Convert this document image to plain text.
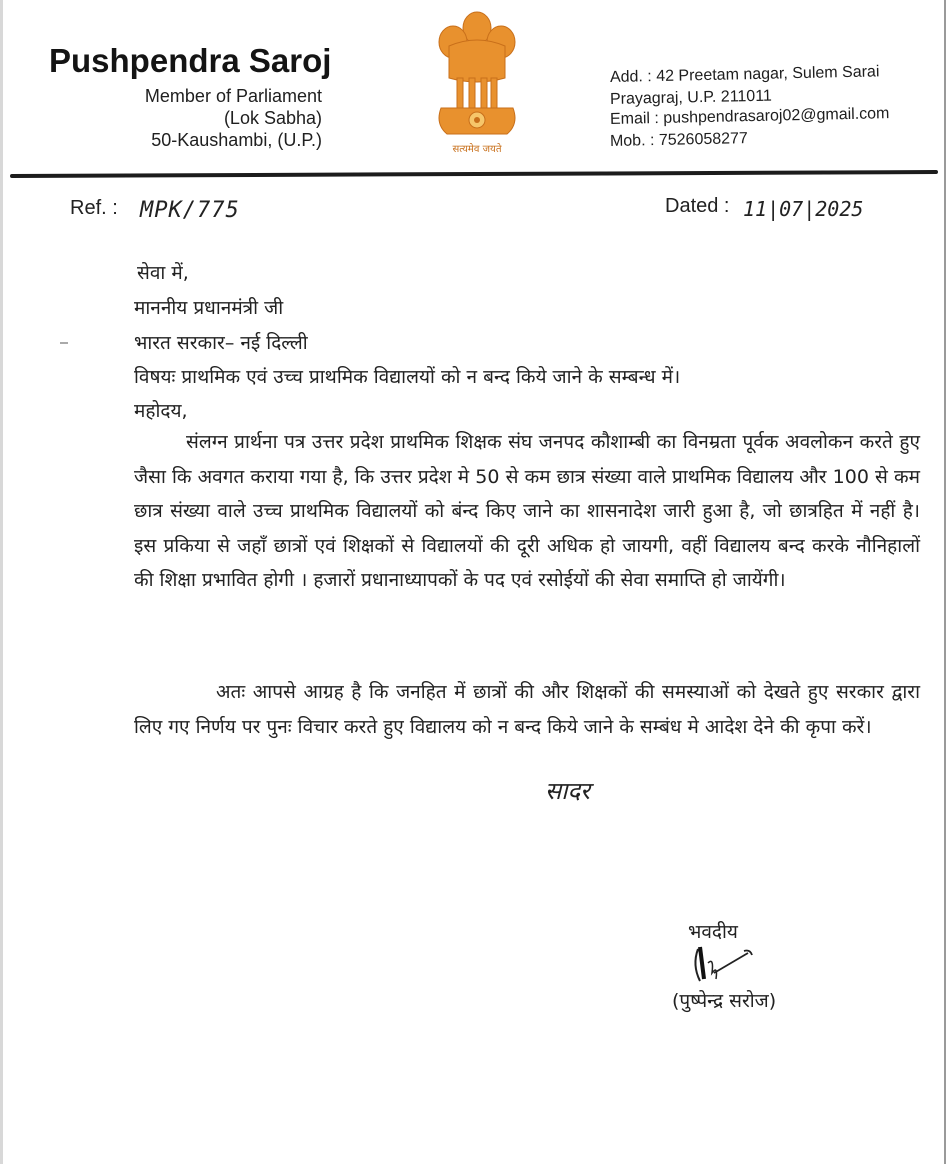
Pushpendra Saroj
Member of Parliament
(Lok Sabha)
50-Kaushambi, (U.P.)	सत्यमेव जयते
Add. : 42 Preetam nagar, Sulem Sarai
Prayagraj, U.P. 211011
Email : pushpendrasaroj02@gmail.com
Mob. : 7526058277
Ref. : MPK/775	Dated : 11|07|2025
सेवा में,
माननीय प्रधानमंत्री जी
भारत सरकार– नई दिल्ली
विषयः प्राथमिक एवं उच्च प्राथमिक विद्यालयों को न बन्द किये जाने के सम्बन्ध में।
महोदय,
संलग्न प्रार्थना पत्र उत्तर प्रदेश प्राथमिक शिक्षक संघ जनपद कौशाम्बी का विनम्रता पूर्वक अवलोकन करते हुए जैसा कि अवगत कराया गया है, कि उत्तर प्रदेश मे 50 से कम छात्र संख्या वाले प्राथमिक विद्यालय और 100 से कम छात्र संख्या वाले उच्च प्राथमिक विद्यालयों को बंन्द किए जाने का शासनादेश जारी हुआ है, जो छात्रहित में नहीं है। इस प्रकिया से जहाँ छात्रों एवं शिक्षकों से विद्यालयों की दूरी अधिक हो जायगी, वहीं विद्यालय बन्द करके नौनिहालों की शिक्षा प्रभावित होगी । हजारों प्रधानाध्यापकों के पद एवं रसोईयों की सेवा समाप्ति हो जायेंगी।
अतः आपसे आग्रह है कि जनहित में छात्रों की और शिक्षकों की समस्याओं को देखते हुए सरकार द्वारा लिए गए निर्णय पर पुनः विचार करते हुए विद्यालय को न बन्द किये जाने के सम्बंध मे आदेश देने की कृपा करें।
सादर
भवदीय
(पुष्पेन्द्र सरोज)
